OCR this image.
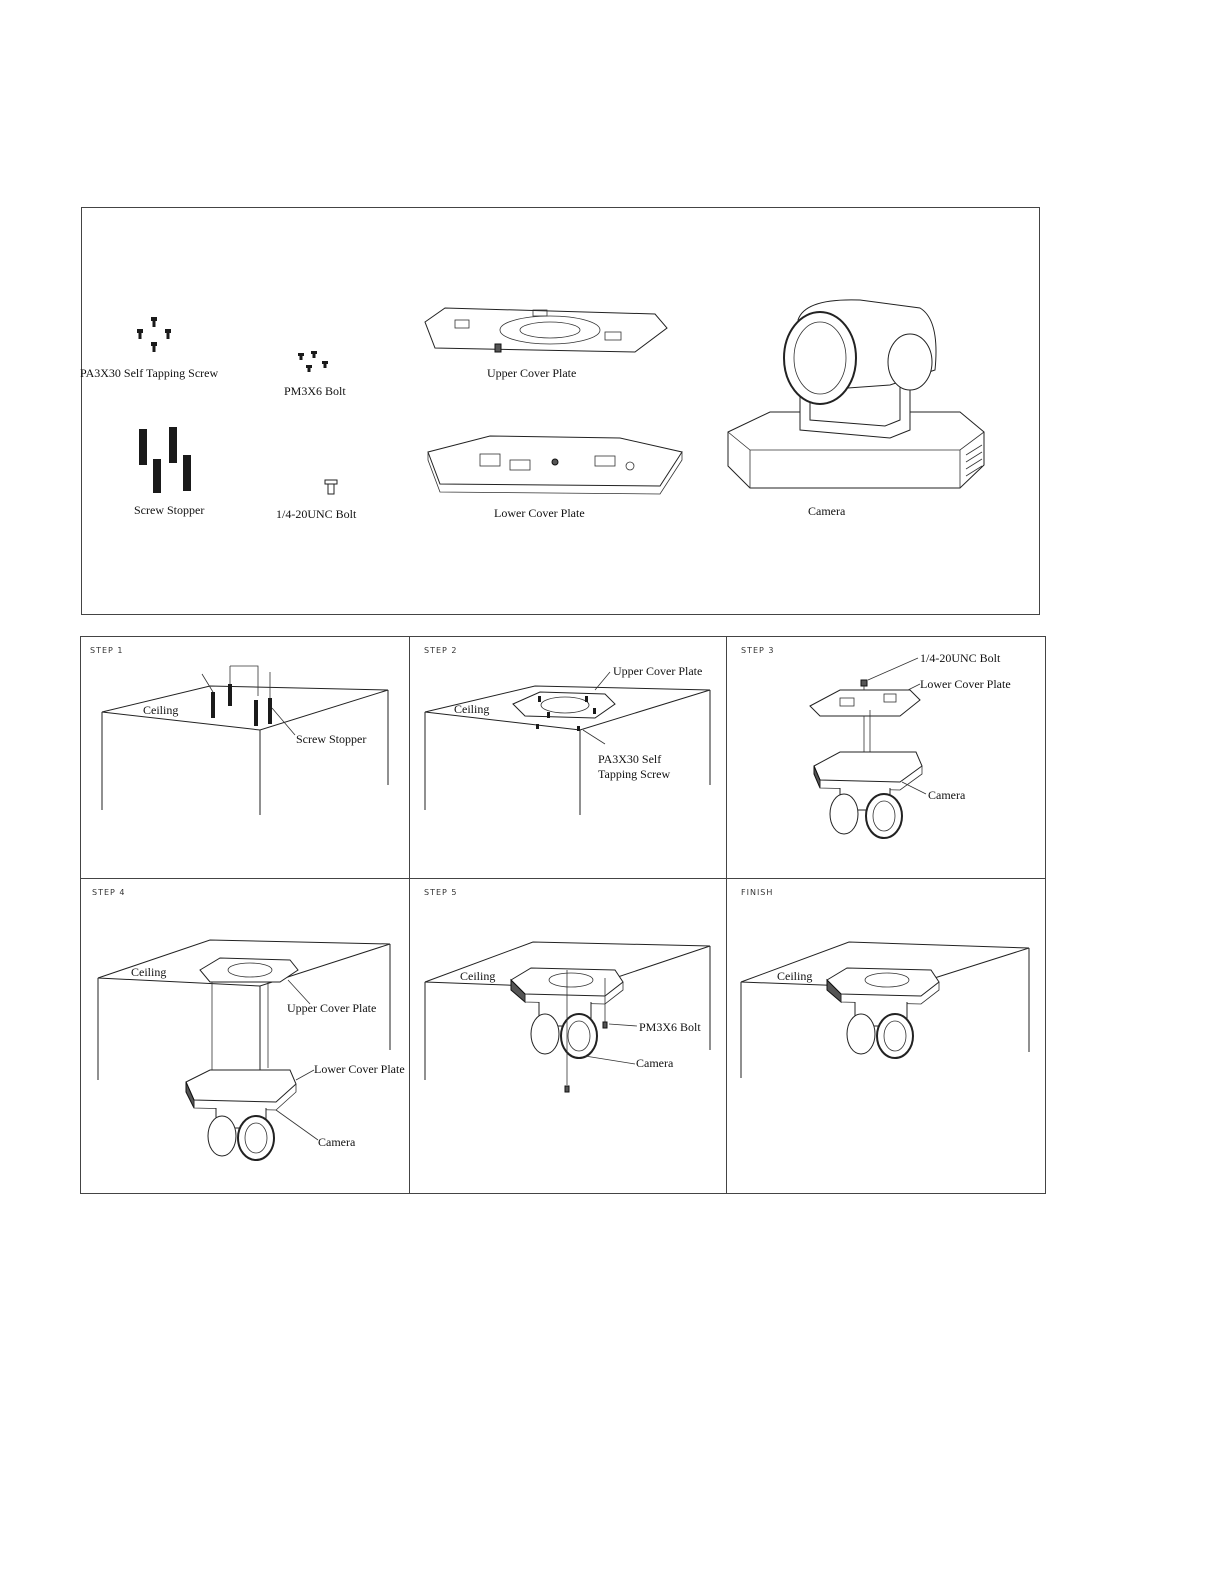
PA3X30 Self Tapping Screw
PM3X6 Bolt
Upper Cover Plate
Screw Stopper	1/4-20UNC Bolt	Lower Cover Plate	Camera
STEP 1
Ceiling
Screw Stopper
STEP 2
Upper Cover Plate
Ceiling
PA3X30 Self
Tapping Screw
STEP 3
1/4-20UNC Bolt
Lower Cover Plate
Camera
STEP 4
Ceiling
Upper Cover Plate
Lower Cover Plate
Camera
STEP 5
Ceiling
PM3X6 Bolt
Camera
FINISH
Ceiling
